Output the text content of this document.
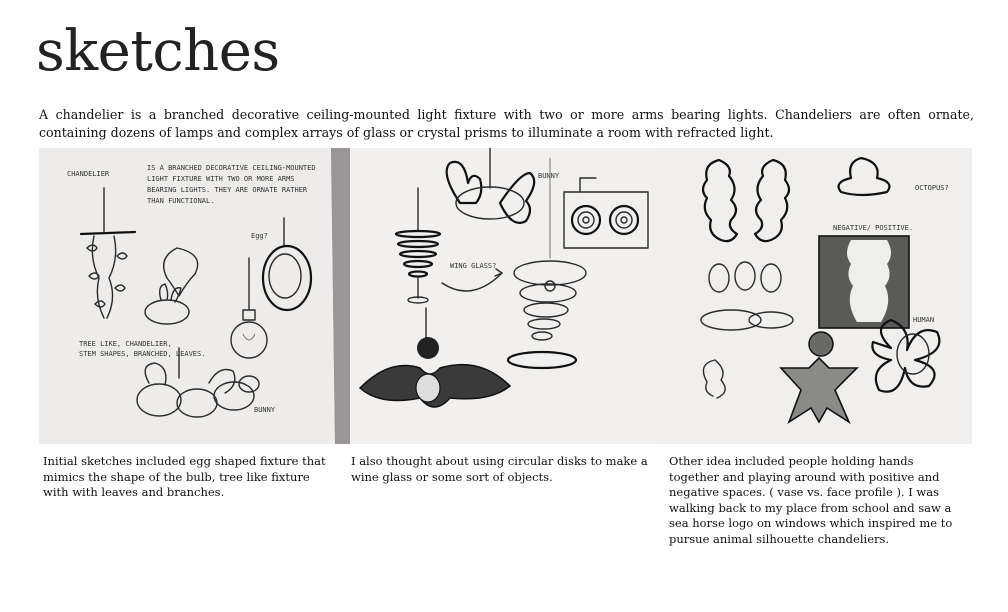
sketches
A chandelier is a branched decorative ceiling-mounted light fixture with two or more arms bearing lights. Chandeliers are often ornate, containing dozens of lamps and complex arrays of glass or crystal prisms to illuminate a room with refracted light.
CHANDELIER
IS A BRANCHED DECORATIVE CEILING-MOUNTED
LIGHT FIXTURE WITH TWO OR MORE ARMS
BEARING LIGHTS. THEY ARE ORNATE RATHER
THAN FUNCTIONAL.
TREE LIKE, CHANDELIER,
STEM SHAPES, BRANCHED, LEAVES.
Egg?
BUNNY
BUNNY
WING GLASS?
OCTOPUS?
NEGATIVE/ POSITIVE.
HUMAN
Initial sketches included egg shaped fixture that mimics the shape of the bulb, tree like fixture with with leaves and branches.
I also thought about using circular disks to make a wine glass or some sort of objects.
Other idea included people holding hands together and playing around with positive and negative spaces. ( vase vs. face profile ). I was walking back to my place from school and saw a sea horse logo on windows which inspired me to pursue animal silhouette chandeliers.
